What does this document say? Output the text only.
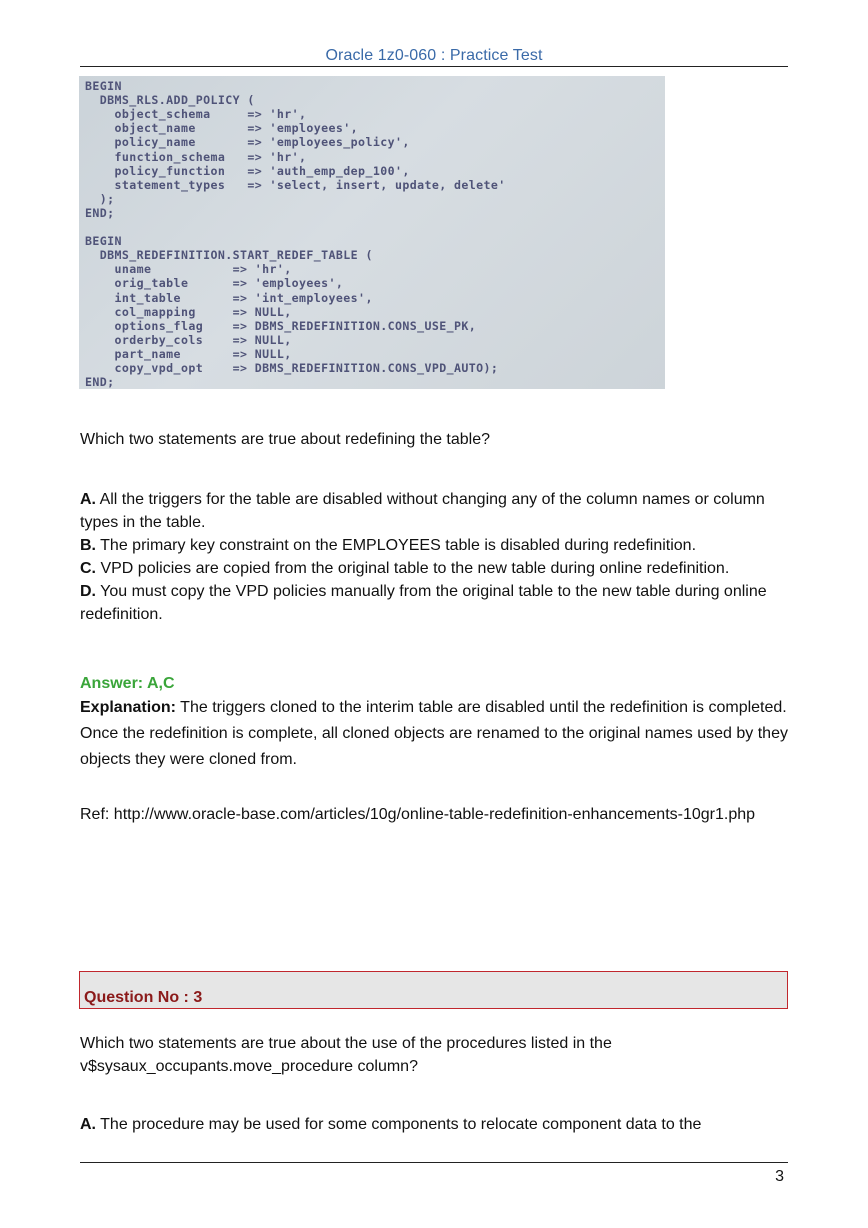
Oracle 1z0-060 : Practice Test
BEGIN
DBMS_RLS.ADD_POLICY (
object_schema     => 'hr',
object_name       => 'employees',
policy_name       => 'employees_policy',
function_schema   => 'hr',
policy_function   => 'auth_emp_dep_100',
statement_types   => 'select, insert, update, delete'
);
END;
BEGIN
DBMS_REDEFINITION.START_REDEF_TABLE (
uname           => 'hr',
orig_table      => 'employees',
int_table       => 'int_employees',
col_mapping     => NULL,
options_flag    => DBMS_REDEFINITION.CONS_USE_PK,
orderby_cols    => NULL,
part_name       => NULL,
copy_vpd_opt    => DBMS_REDEFINITION.CONS_VPD_AUTO);
END;
Which two statements are true about redefining the table?

A. All the triggers for the table are disabled without changing any of the column names or column types in the table.

B. The primary key constraint on the EMPLOYEES table is disabled during redefinition.

C. VPD policies are copied from the original table to the new table during online redefinition.

D. You must copy the VPD policies manually from the original table to the new table during online redefinition.

Answer: A,C
Explanation: The triggers cloned to the interim table are disabled until the redefinition is completed. Once the redefinition is complete, all cloned objects are renamed to the original names used by they objects they were cloned from.
Ref: http://www.oracle-base.com/articles/10g/online-table-redefinition-enhancements-10gr1.php
Question No : 3
Which two statements are true about the use of the procedures listed in the v$sysaux_occupants.move_procedure column?
A. The procedure may be used for some components to relocate component data to the
3
